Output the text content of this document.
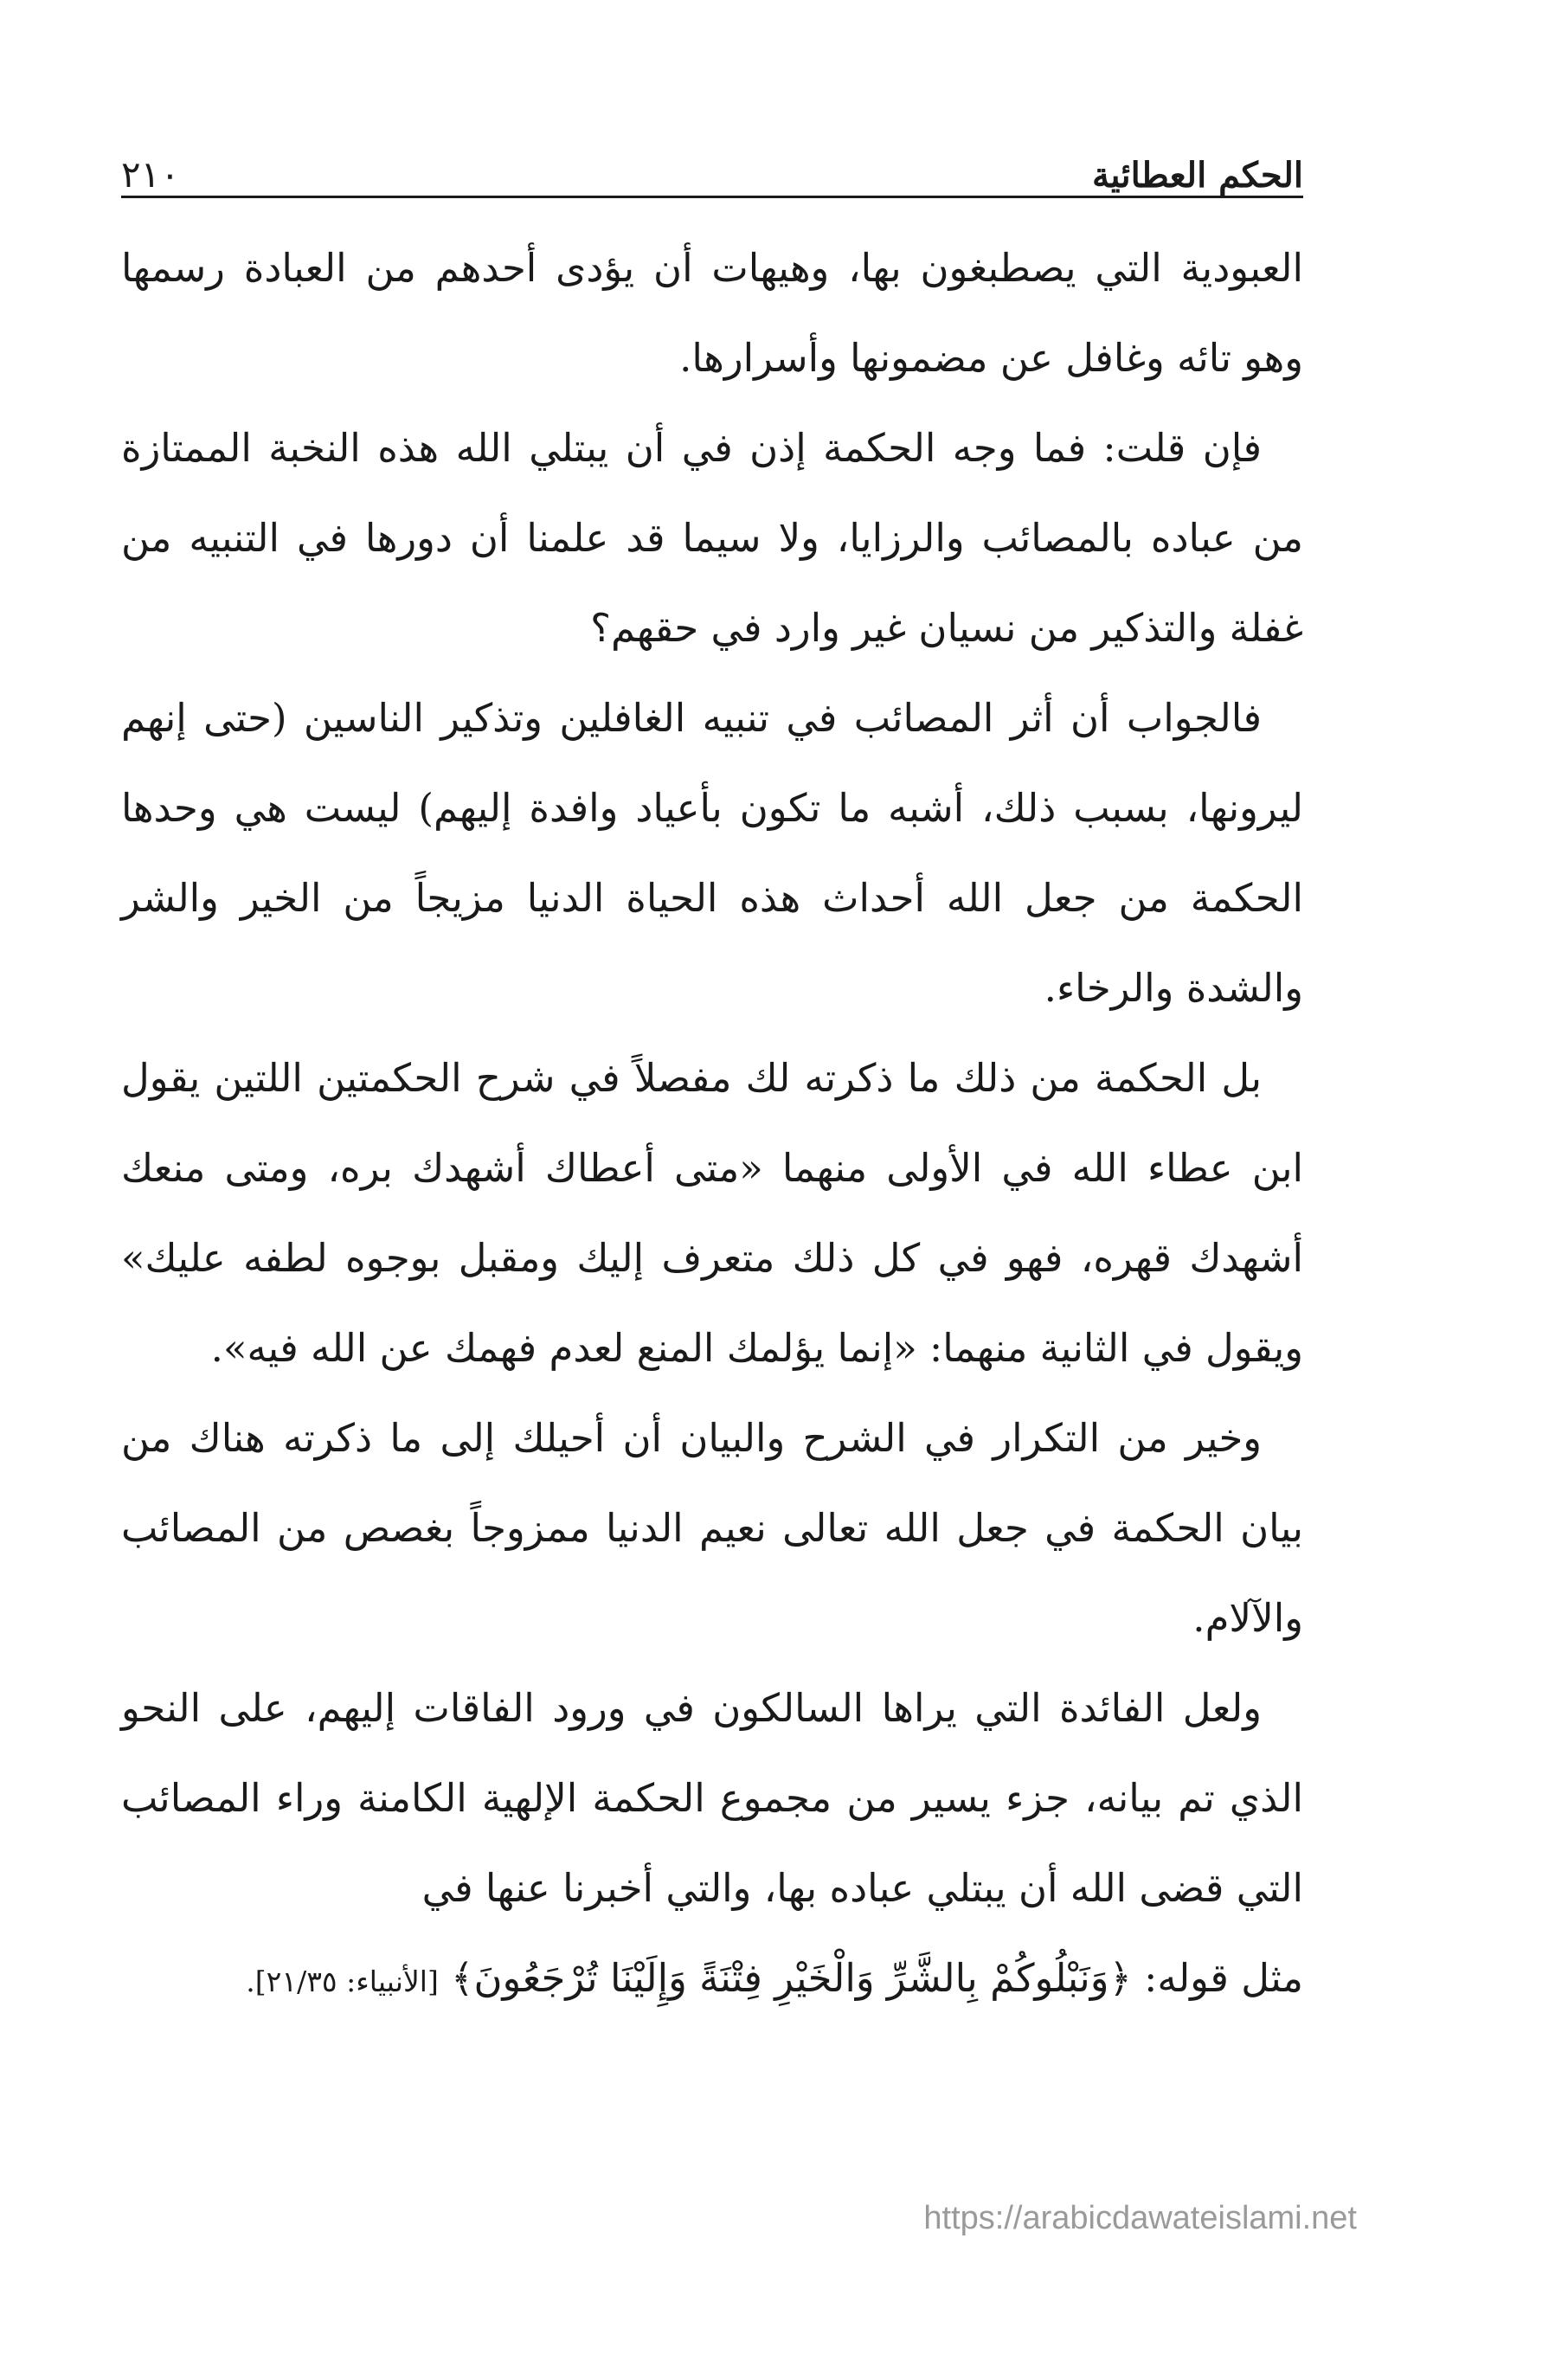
الحكم العطائية
٢١٠

العبودية التي يصطبغون بها، وهيهات أن يؤدى أحدهم من العبادة رسمها وهو تائه وغافل عن مضمونها وأسرارها.

فإن قلت: فما وجه الحكمة إذن في أن يبتلي الله هذه النخبة الممتازة من عباده بالمصائب والرزايا، ولا سيما قد علمنا أن دورها في التنبيه من غفلة والتذكير من نسيان غير وارد في حقهم؟

فالجواب أن أثر المصائب في تنبيه الغافلين وتذكير الناسين (حتى إنهم ليرونها، بسبب ذلك، أشبه ما تكون بأعياد وافدة إليهم) ليست هي وحدها الحكمة من جعل الله أحداث هذه الحياة الدنيا مزيجاً من الخير والشر والشدة والرخاء.

بل الحكمة من ذلك ما ذكرته لك مفصلاً في شرح الحكمتين اللتين يقول ابن عطاء الله في الأولى منهما «متى أعطاك أشهدك بره، ومتى منعك أشهدك قهره، فهو في كل ذلك متعرف إليك ومقبل بوجوه لطفه عليك» ويقول في الثانية منهما: «إنما يؤلمك المنع لعدم فهمك عن الله فيه».

وخير من التكرار في الشرح والبيان أن أحيلك إلى ما ذكرته هناك من بيان الحكمة في جعل الله تعالى نعيم الدنيا ممزوجاً بغصص من المصائب والآلام.

ولعل الفائدة التي يراها السالكون في ورود الفاقات إليهم، على النحو الذي تم بيانه، جزء يسير من مجموع الحكمة الإلهية الكامنة وراء المصائب التي قضى الله أن يبتلي عباده بها، والتي أخبرنا عنها في

مثل قوله: ﴿وَنَبْلُوكُمْ بِالشَّرِّ وَالْخَيْرِ فِتْنَةً وَإِلَيْنَا تُرْجَعُونَ﴾ [الأنبياء: ٢١/٣٥].

https://arabicdawateislami.net
